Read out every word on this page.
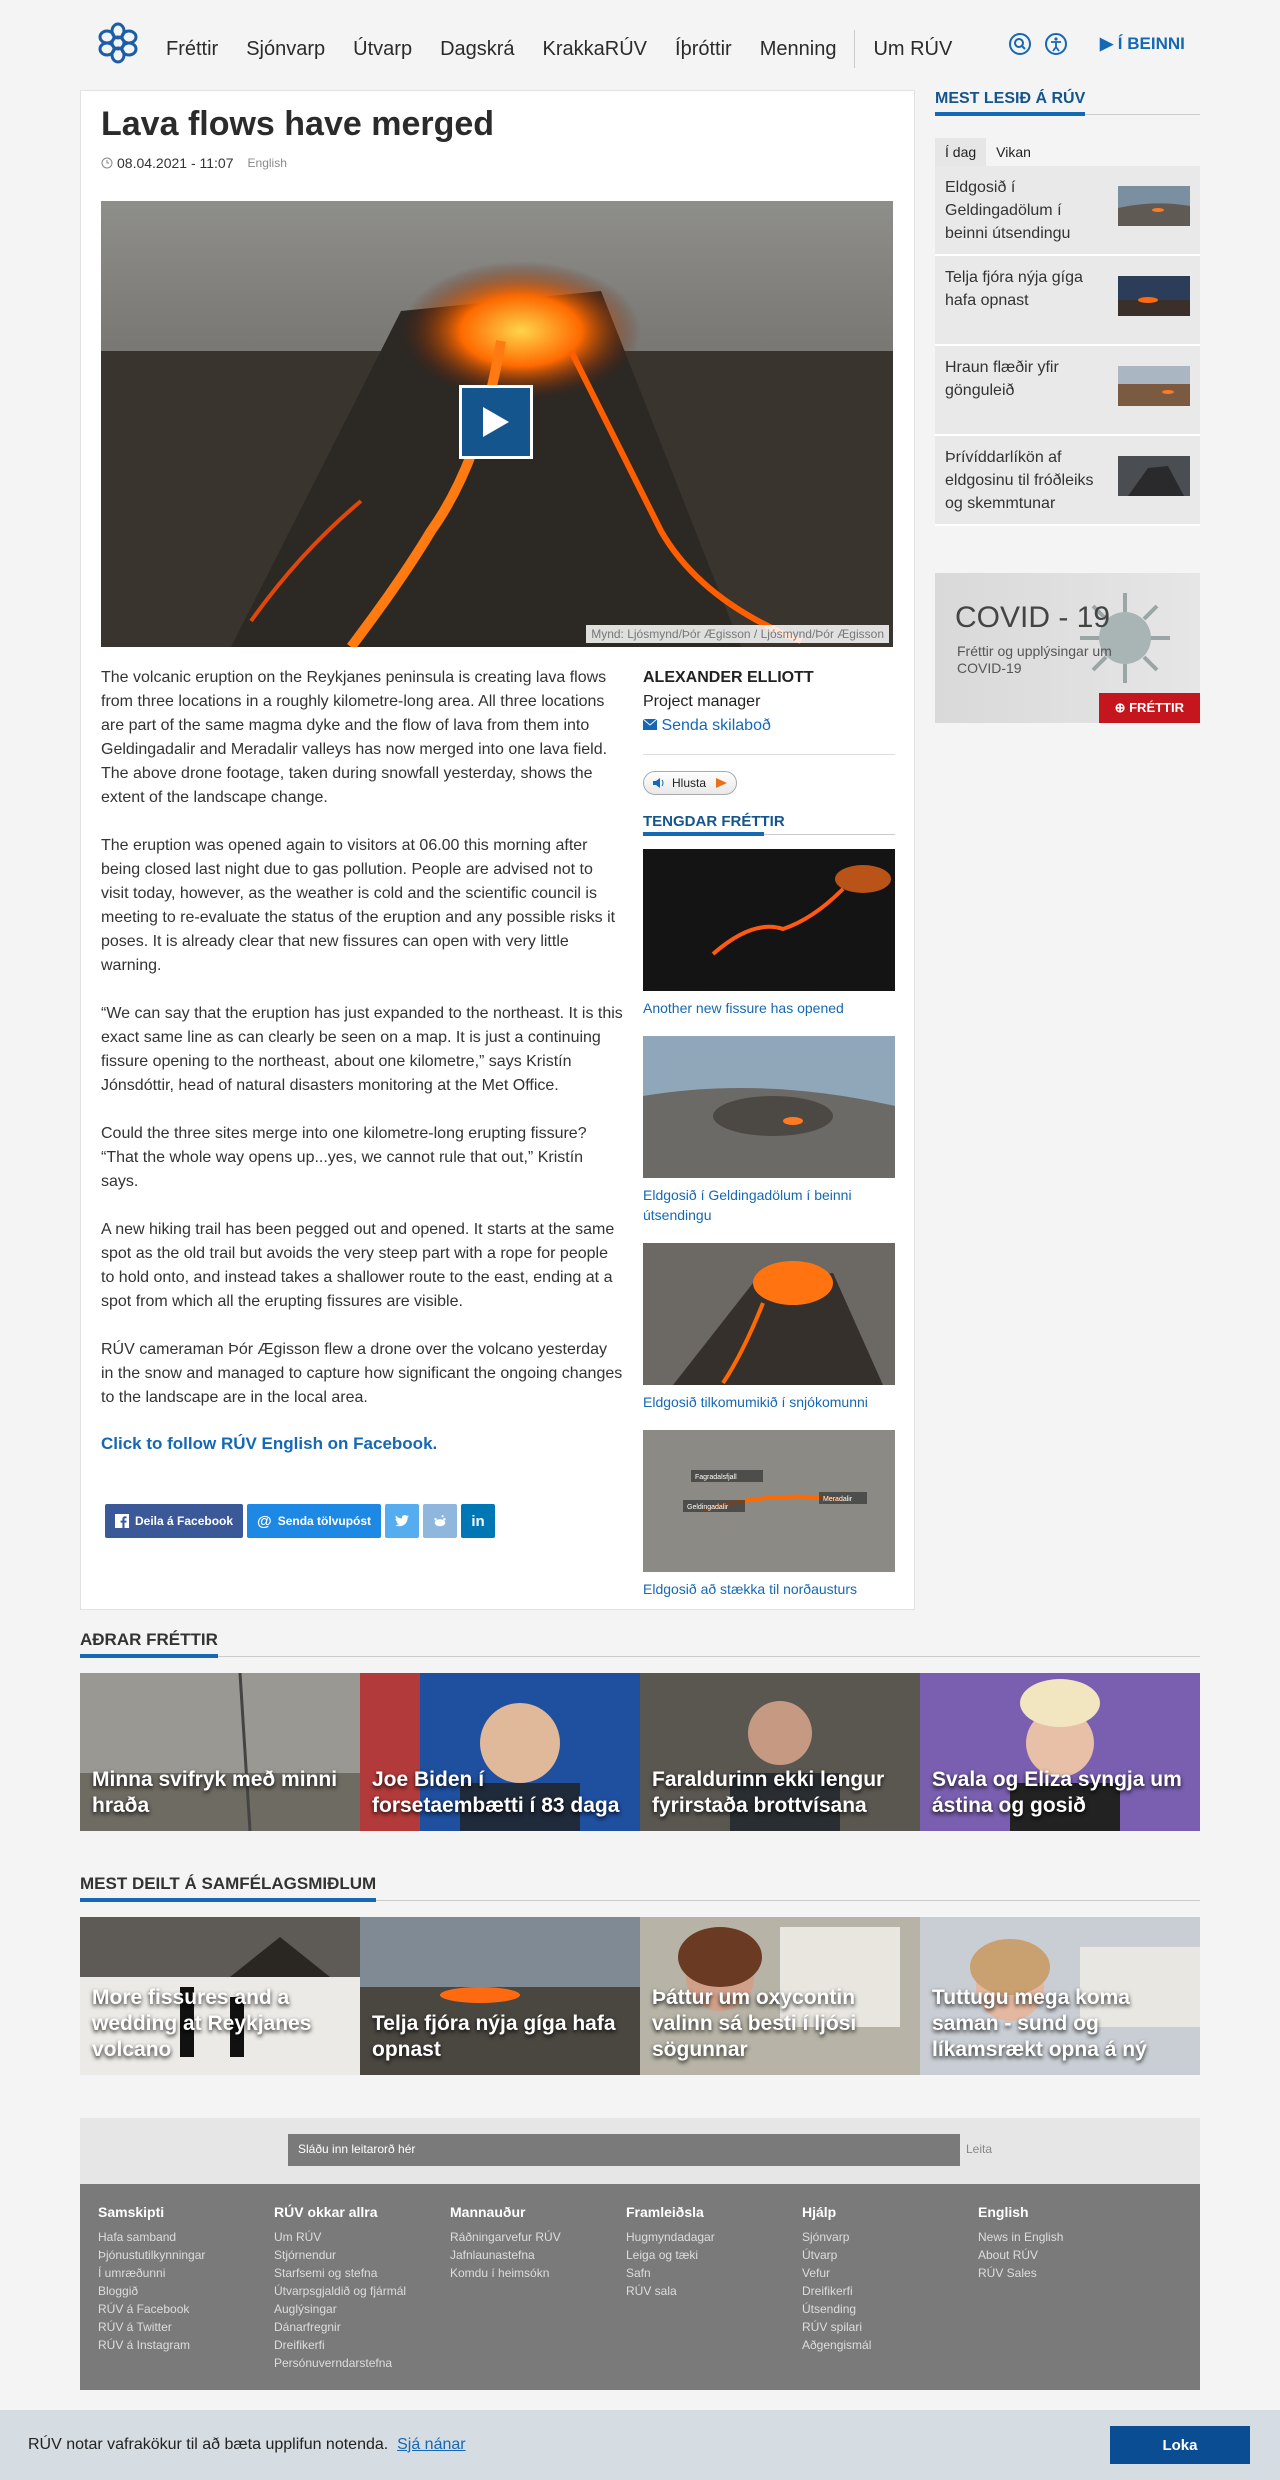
Fréttir Sjónvarp Útvarp Dagskrá KrakkaRÚV Íþróttir Menning Um RÚV	▶ Í BEINNI
Lava flows have merged
08.04.2021 - 11:07 English
Mynd: Ljósmynd/Þór Ægisson / Ljósmynd/Þór Ægisson

The volcanic eruption on the Reykjanes peninsula is creating lava flows from three locations in a roughly kilometre-long area. All three locations are part of the same magma dyke and the flow of lava from them into Geldingadalir and Meradalir valleys has now merged into one lava field. The above drone footage, taken during snowfall yesterday, shows the extent of the landscape change.

The eruption was opened again to visitors at 06.00 this morning after being closed last night due to gas pollution. People are advised not to visit today, however, as the weather is cold and the scientific council is meeting to re-evaluate the status of the eruption and any possible risks it poses. It is already clear that new fissures can open with very little warning.

“We can say that the eruption has just expanded to the northeast. It is this exact same line as can clearly be seen on a map. It is just a continuing fissure opening to the northeast, about one kilometre,” says Kristín Jónsdóttir, head of natural disasters monitoring at the Met Office.

Could the three sites merge into one kilometre-long erupting fissure? “That the whole way opens up...yes, we cannot rule that out,” Kristín says.

A new hiking trail has been pegged out and opened. It starts at the same spot as the old trail but avoids the very steep part with a rope for people to hold onto, and instead takes a shallower route to the east, ending at a spot from which all the erupting fissures are visible.

RÚV cameraman Þór Ægisson flew a drone over the volcano yesterday in the snow and managed to capture how significant the ongoing changes to the landscape are in the local area.

Click to follow RÚV English on Facebook.
Deila á Facebook @ Senda tölvupóst	in
ALEXANDER ELLIOTT
Project manager
Senda skilaboð
Hlusta
TENGDAR FRÉTTIR
Another new fissure has opened
Eldgosið í Geldingadölum í beinni útsendingu
Eldgosið tilkomumikið í snjókomunni
Fagradalsfjall
Geldingadalir
Meradalir
Eldgosið að stækka til norðausturs
MEST LESIÐ Á RÚV
Í dag	Vikan
Eldgosið í Geldingadölum í beinni útsendingu
Telja fjóra nýja gíga hafa opnast
Hraun flæðir yfir gönguleið
Þrívíddarlíkön af eldgosinu til fróðleiks og skemmtunar
COVID - 19
Fréttir og upplýsingar um COVID-19
⊕ FRÉTTIR
AÐRAR FRÉTTIR
Minna svifryk með minni hraða
Joe Biden í forsetaembætti í 83 daga
Faraldurinn ekki lengur fyrirstaða brottvísana
Svala og Eliza syngja um ástina og gosið
MEST DEILT Á SAMFÉLAGSMIÐLUM
More fissures and a wedding at Reykjanes volcano
Telja fjóra nýja gíga hafa opnast
Þáttur um oxycontin valinn sá besti í ljósi sögunnar
Tuttugu mega koma saman - sund og líkamsrækt opna á ný
Sláðu inn leitarorð hér	Leita
Samskipti
Hafa samband
Þjónustutilkynningar
Í umræðunni
Bloggið
RÚV á Facebook
RÚV á Twitter
RÚV á Instagram
RÚV okkar allra
Um RÚV
Stjórnendur
Starfsemi og stefna
Útvarpsgjaldið og fjármál
Auglýsingar
Dánarfregnir
Dreifikerfi
Persónuverndarstefna
Mannauður
Ráðningarvefur RÚV
Jafnlaunastefna
Komdu í heimsókn
Framleiðsla
Hugmyndadagar
Leiga og tæki
Safn
RÚV sala
Hjálp
Sjónvarp
Útvarp
Vefur
Dreifikerfi
Útsending
RÚV spilari
Aðgengismál
English
News in English
About RÚV
RÚV Sales
RÚV notar vafrakökur til að bæta upplifun notenda. Sjá nánar	Loka
